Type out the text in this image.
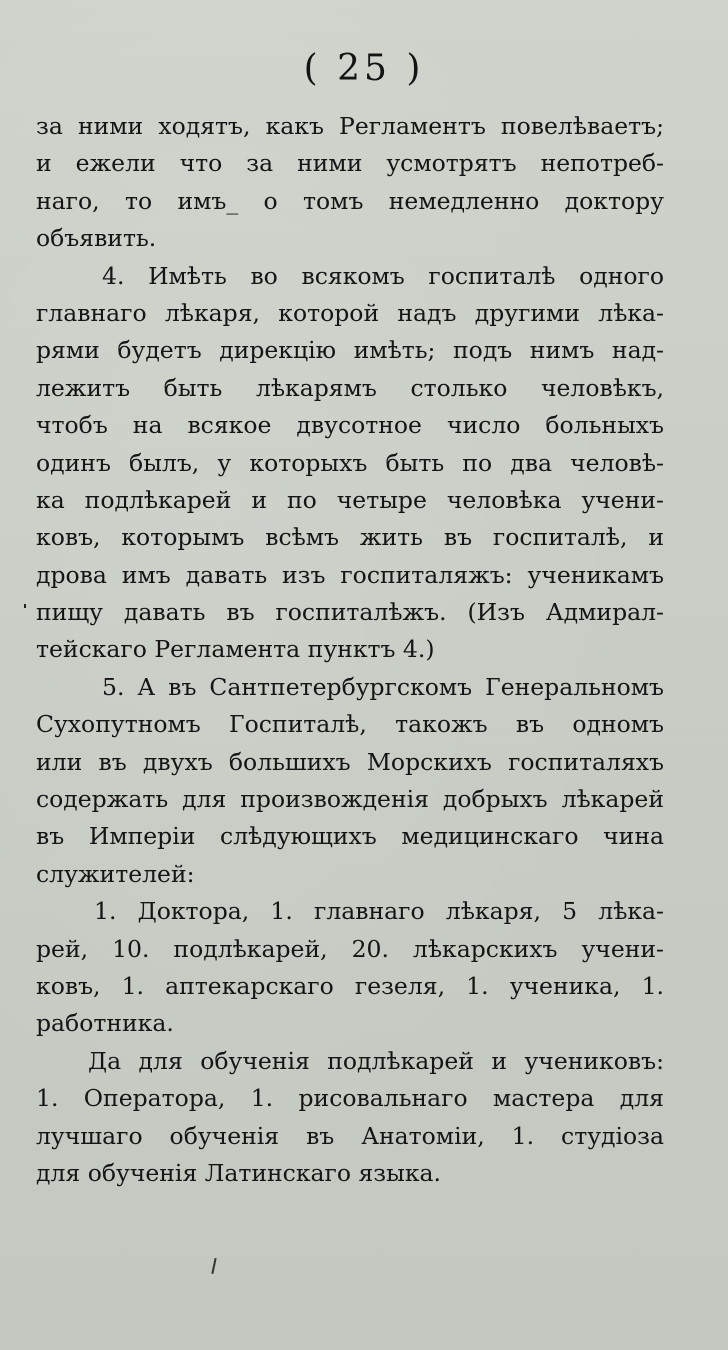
( 25 )
за ними ходятъ, какъ Регламентъ повелѣваетъ;
и ежели что за ними усмотрятъ непотреб-
наго, то имъ_ о томъ немедленно доктору
объявить.
4. Имѣть во всякомъ госпиталѣ одного
главнаго лѣкаря, которой надъ другими лѣка-
рями будетъ дирекцію имѣть; подъ нимъ над-
лежитъ быть лѣкарямъ столько человѣкъ,
чтобъ на всякое двусотное число больныхъ
одинъ былъ, у которыхъ быть по два человѣ-
ка подлѣкарей и по четыре человѣка учени-
ковъ, которымъ всѣмъ жить въ госпиталѣ, и
дрова имъ давать изъ госпиталяжъ: ученикамъ
пищу давать въ госпиталѣжъ. (Изъ Адмирал-
тейскаго Регламента пунктъ 4.)
5. А въ Сантпетербургскомъ Генеральномъ
Сухопутномъ Госпиталѣ, такожъ въ одномъ
или въ двухъ большихъ Морскихъ госпиталяхъ
содержать для произвожденія добрыхъ лѣкарей
въ Имперіи слѣдующихъ медицинскаго чина
служителей:
1. Доктора, 1. главнаго лѣкаря, 5 лѣка-
рей, 10. подлѣкарей, 20. лѣкарскихъ учени-
ковъ, 1. аптекарскаго гезеля, 1. ученика, 1.
работника.
Да для обученія подлѣкарей и учениковъ:
1. Оператора, 1. рисовальнаго мастера для
лучшаго обученія въ Анатоміи, 1. студіоза
для обученія Латинскаго языка.
